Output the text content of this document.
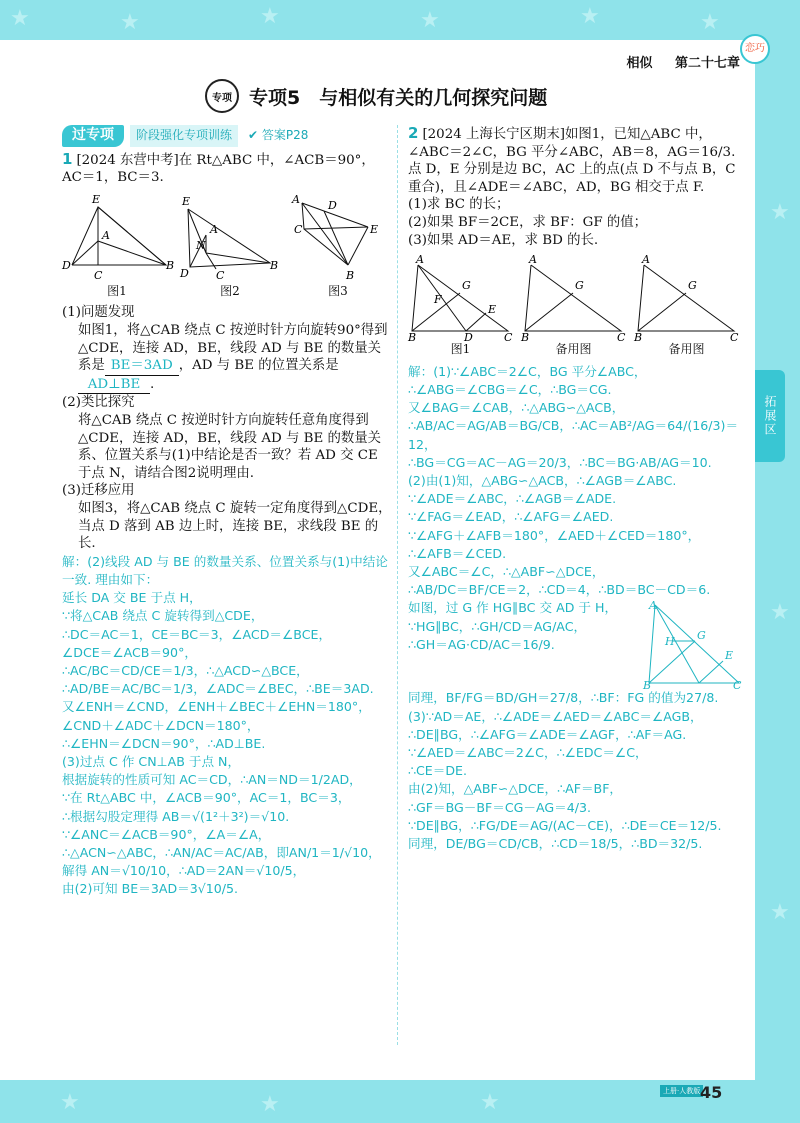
★	★	★	★	★	★
★
★
★
★	★	★
相似 第二十七章
恋巧
专项 专项5　与相似有关的几何探究问题
拓展区
过专项	阶段强化专项训练	✔ 答案P28

1 [2024 东营中考]在 Rt△ABC 中，∠ACB＝90°，AC＝1，BC＝3.

E
A
D
C
B
图1
E
A
N
D C
B
图2
A	D
C	E
B
图3

(1)问题发现

如图1，将△CAB 绕点 C 按逆时针方向旋转90°得到△CDE，连接 AD，BE，线段 AD 与 BE 的数量关系是 BE＝3AD ，AD 与 BE 的位置关系是AD⊥BE .

(2)类比探究

将△CAB 绕点 C 按逆时针方向旋转任意角度得到△CDE，连接 AD，BE，线段 AD 与 BE 的数量关系、位置关系与(1)中结论是否一致？若 AD 交 CE 于点 N，请结合图2说明理由.

(3)迁移应用

如图3，将△CAB 绕点 C 旋转一定角度得到△CDE，当点 D 落到 AB 边上时，连接 BE，求线段 BE 的长.

解：(2)线段 AD 与 BE 的数量关系、位置关系与(1)中结论一致. 理由如下：

延长 DA 交 BE 于点 H，

∵将△CAB 绕点 C 旋转得到△CDE，

∴DC＝AC＝1，CE＝BC＝3，∠ACD＝∠BCE，

∠DCE＝∠ACB＝90°，

∴AC/BC＝CD/CE＝1/3，∴△ACD∽△BCE，

∴AD/BE＝AC/BC＝1/3，∠ADC＝∠BEC，∴BE＝3AD.

又∠ENH＝∠CND，∠ENH＋∠BEC＋∠EHN＝180°，∠CND＋∠ADC＋∠DCN＝180°，

∴∠EHN＝∠DCN＝90°，∴AD⊥BE.

(3)过点 C 作 CN⊥AB 于点 N，

根据旋转的性质可知 AC＝CD，∴AN＝ND＝1/2AD，

∵在 Rt△ABC 中，∠ACB＝90°，AC＝1，BC＝3，

∴根据勾股定理得 AB＝√(1²＋3²)＝√10.

∵∠ANC＝∠ACB＝90°，∠A＝∠A，

∴△ACN∽△ABC，∴AN/AC＝AC/AB，即AN/1＝1/√10，

解得 AN＝√10/10，∴AD＝2AN＝√10/5，

由(2)可知 BE＝3AD＝3√10/5.

2 [2024 上海长宁区期末]如图1，已知△ABC 中，∠ABC＝2∠C，BG 平分∠ABC，AB＝8，AG＝16/3. 点 D，E 分别是边 BC，AC 上的点(点 D 不与点 B，C 重合)，且∠ADE＝∠ABC，AD，BG 相交于点 F.

(1)求 BC 的长；

(2)如果 BF＝2CE，求 BF：GF 的值；

(3)如果 AD＝AE，求 BD 的长.

A
G
F
E
B	D	C
图1
A
G
B	C
备用图
A
G
B	C
备用图

解：(1)∵∠ABC＝2∠C，BG 平分∠ABC，

∴∠ABG＝∠CBG＝∠C，∴BG＝CG.

又∠BAG＝∠CAB，∴△ABG∽△ACB，

∴AB/AC＝AG/AB＝BG/CB，∴AC＝AB²/AG＝64/(16/3)＝12，

∴BG＝CG＝AC－AG＝20/3，∴BC＝BG·AB/AG＝10.

(2)由(1)知，△ABG∽△ACB，∴∠AGB＝∠ABC.

∵∠ADE＝∠ABC，∴∠AGB＝∠ADE.

∵∠FAG＝∠EAD，∴∠AFG＝∠AED.

∵∠AFG＋∠AFB＝180°，∠AED＋∠CED＝180°，

∴∠AFB＝∠CED.

又∠ABC＝∠C，∴△ABF∽△DCE，

∴AB/DC＝BF/CE＝2，∴CD＝4，∴BD＝BC－CD＝6.

如图，过 G 作 HG∥BC 交 AD 于 H，

∵HG∥BC，∴GH/CD＝AG/AC，

∴GH＝AG·CD/AC＝16/9.

A
H G
E
B	C

同理，BF/FG＝BD/GH＝27/8，∴BF：FG 的值为27/8.

(3)∵AD＝AE，∴∠ADE＝∠AED＝∠ABC＝∠AGB，

∴DE∥BG，∴∠AFG＝∠ADE＝∠AGF，∴AF＝AG.

∵∠AED＝∠ABC＝2∠C，∴∠EDC＝∠C，

∴CE＝DE.

由(2)知，△ABF∽△DCE，∴AF＝BF，

∴GF＝BG－BF＝CG－AG＝4/3.

∵DE∥BG，∴FG/DE＝AG/(AC－CE)，∴DE＝CE＝12/5.

同理，DE/BG＝CD/CB，∴CD＝18/5，∴BD＝32/5.

上册·人教版 45
